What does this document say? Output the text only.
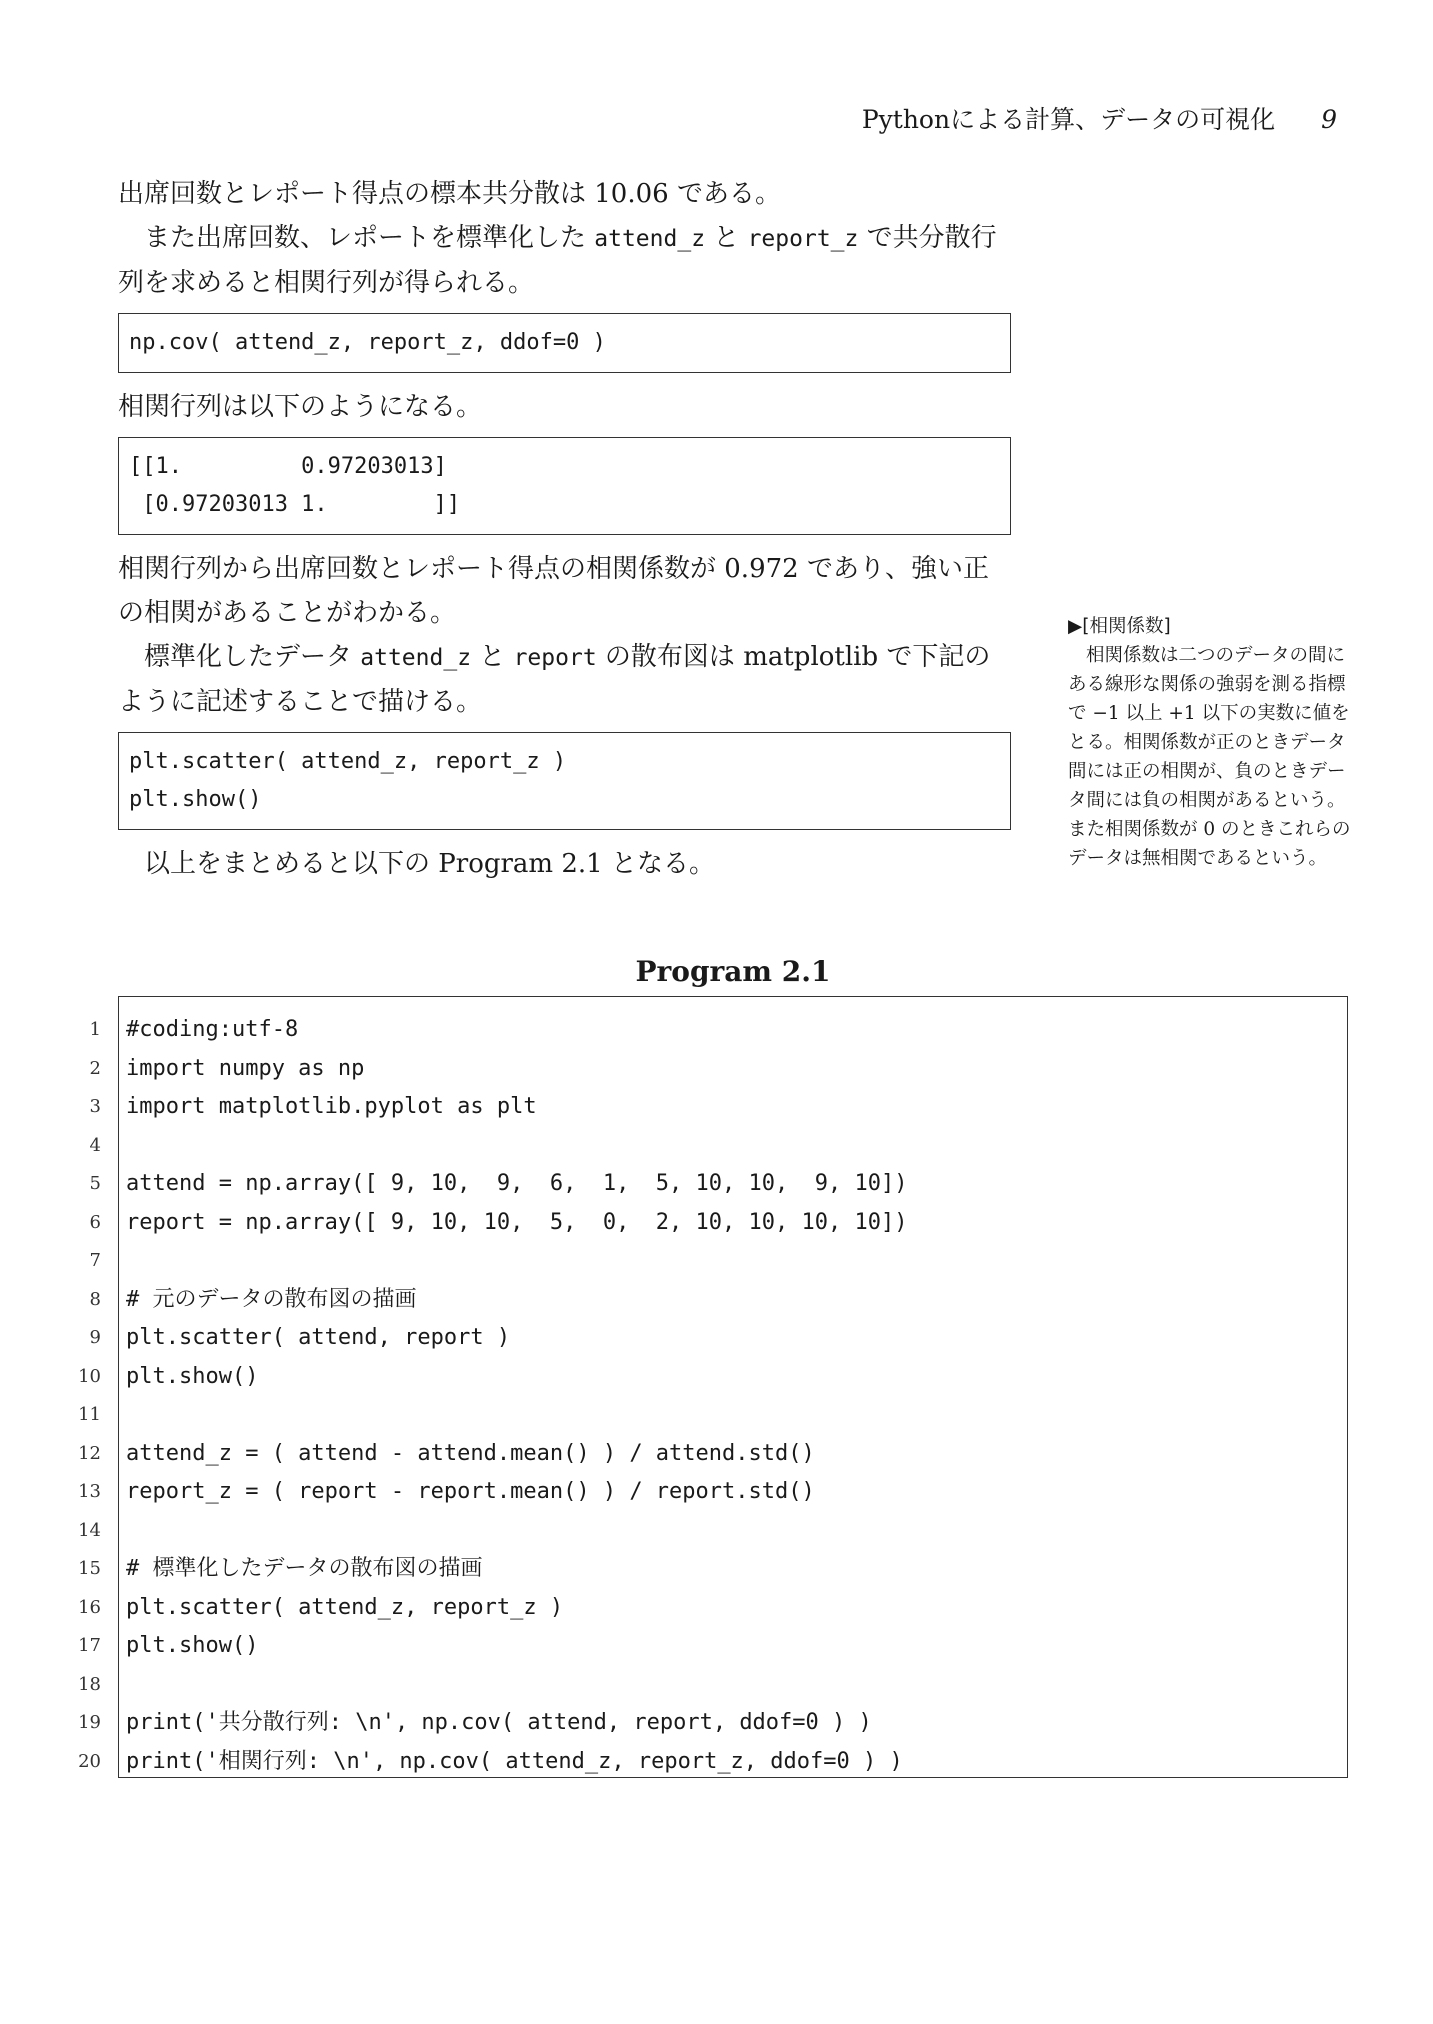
Pythonによる計算、データの可視化 9

出席回数とレポート得点の標本共分散は 10.06 である。

また出席回数、レポートを標準化した attend_z と report_z で共分散行列を求めると相関行列が得られる。

np.cov( attend_z, report_z, ddof=0 )

相関行列は以下のようになる。

[[1.         0.97203013]
[0.97203013 1.        ]]

相関行列から出席回数とレポート得点の相関係数が 0.972 であり、強い正の相関があることがわかる。

標準化したデータ attend_z と report の散布図は matplotlib で下記のように記述することで描ける。

plt.scatter( attend_z, report_z )
plt.show()

以上をまとめると以下の Program 2.1 となる。

▶[相関係数]
相関係数は二つのデータの間にある線形な関係の強弱を測る指標で −1 以上 +1 以下の実数に値をとる。相関係数が正のときデータ間には正の相関が、負のときデータ間には負の相関があるという。また相関係数が 0 のときこれらのデータは無相関であるという。
Program 2.1
1 #coding:utf-8
2 import numpy as np
3 import matplotlib.pyplot as plt
4
5 attend = np.array([ 9, 10,  9,  6,  1,  5, 10, 10,  9, 10])
6 report = np.array([ 9, 10, 10,  5,  0,  2, 10, 10, 10, 10])
7
8 # 元のデータの散布図の描画
9 plt.scatter( attend, report )
10 plt.show()
11
12 attend_z = ( attend - attend.mean() ) / attend.std()
13 report_z = ( report - report.mean() ) / report.std()
14
15 # 標準化したデータの散布図の描画
16 plt.scatter( attend_z, report_z )
17 plt.show()
18
19 print('共分散行列: \n', np.cov( attend, report, ddof=0 ) )
20 print('相関行列: \n', np.cov( attend_z, report_z, ddof=0 ) )
